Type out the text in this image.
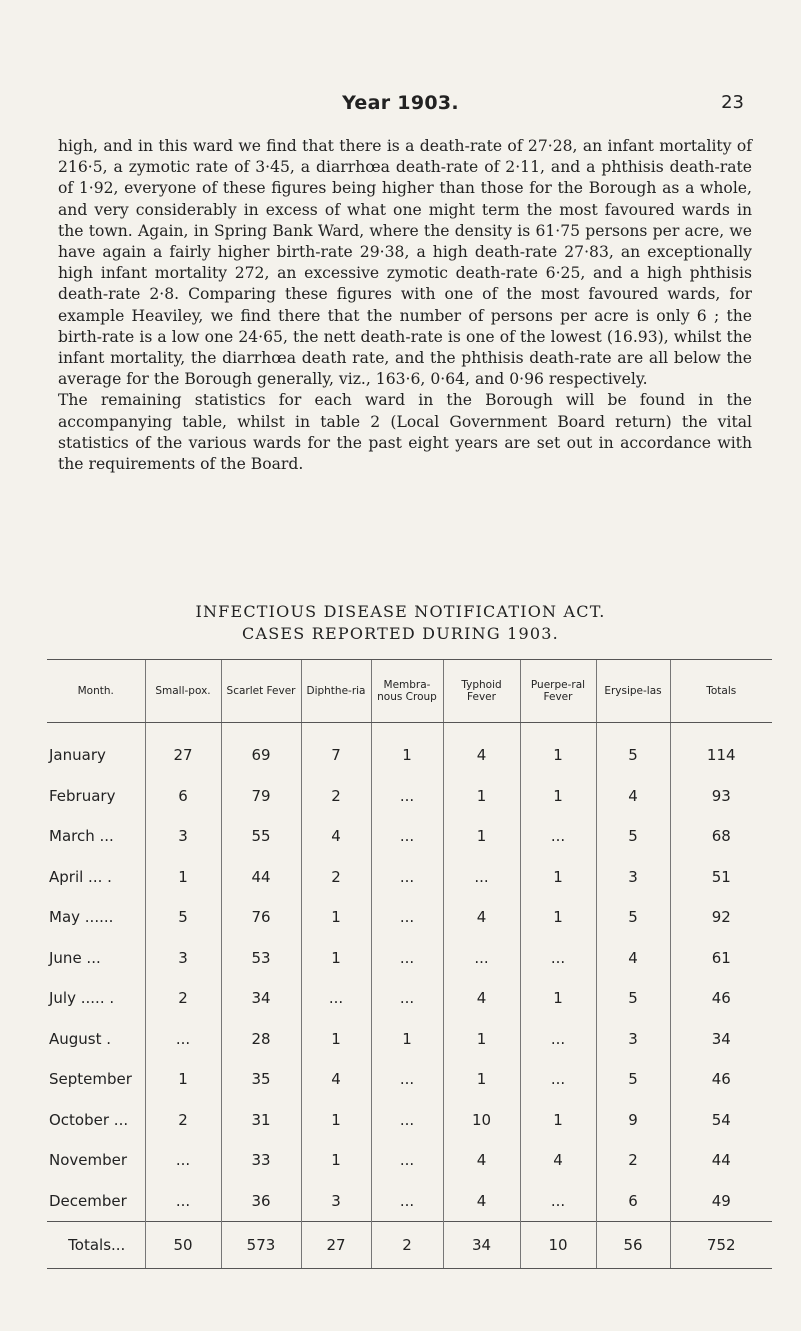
Year 1903.	23

high, and in this ward we find that there is a death-rate of 27·28, an infant mortality of 216·5, a zymotic rate of 3·45, a diarrhœa death-rate of 2·11, and a phthisis death-rate of 1·92, everyone of these figures being higher than those for the Borough as a whole, and very considerably in excess of what one might term the most favoured wards in the town. Again, in Spring Bank Ward, where the density is 61·75 persons per acre, we have again a fairly higher birth-rate 29·38, a high death-rate 27·83, an exceptionally high infant mortality 272, an excessive zymotic death-rate 6·25, and a high phthisis death-rate 2·8. Comparing these figures with one of the most favoured wards, for example Heaviley, we find there that the number of persons per acre is only 6 ; the birth-rate is a low one 24·65, the nett death-rate is one of the lowest (16.93), whilst the infant mortality, the diarrhœa death rate, and the phthisis death-rate are all below the average for the Borough generally, viz., 163·6, 0·64, and 0·96 respectively.

The remaining statistics for each ward in the Borough will be found in the accompanying table, whilst in table 2 (Local Government Board return) the vital statistics of the various wards for the past eight years are set out in accordance with the requirements of the Board.

INFECTIOUS DISEASE NOTIFICATION ACT.
CASES REPORTED DURING 1903.
Month.	Small-pox.	Scarlet Fever	Diphthe-ria	Membra-nous Croup	Typhoid Fever	Puerpe-ral Fever	Erysipe-las	Totals
January	27	69	7	1	4	1	5	114
February	6	79	2	...	1	1	4	93
March ...	3	55	4	...	1	...	5	68
April ... .	1	44	2	...	...	1	3	51
May ......	5	76	1	...	4	1	5	92
June ...	3	53	1	...	...	...	4	61
July ..... .	2	34	...	...	4	1	5	46
August .	...	28	1	1	1	...	3	34
September	1	35	4	...	1	...	5	46
October ...	2	31	1	...	10	1	9	54
November	...	33	1	...	4	4	2	44
December	...	36	3	...	4	...	6	49
Totals...	50	573	27	2	34	10	56	752
